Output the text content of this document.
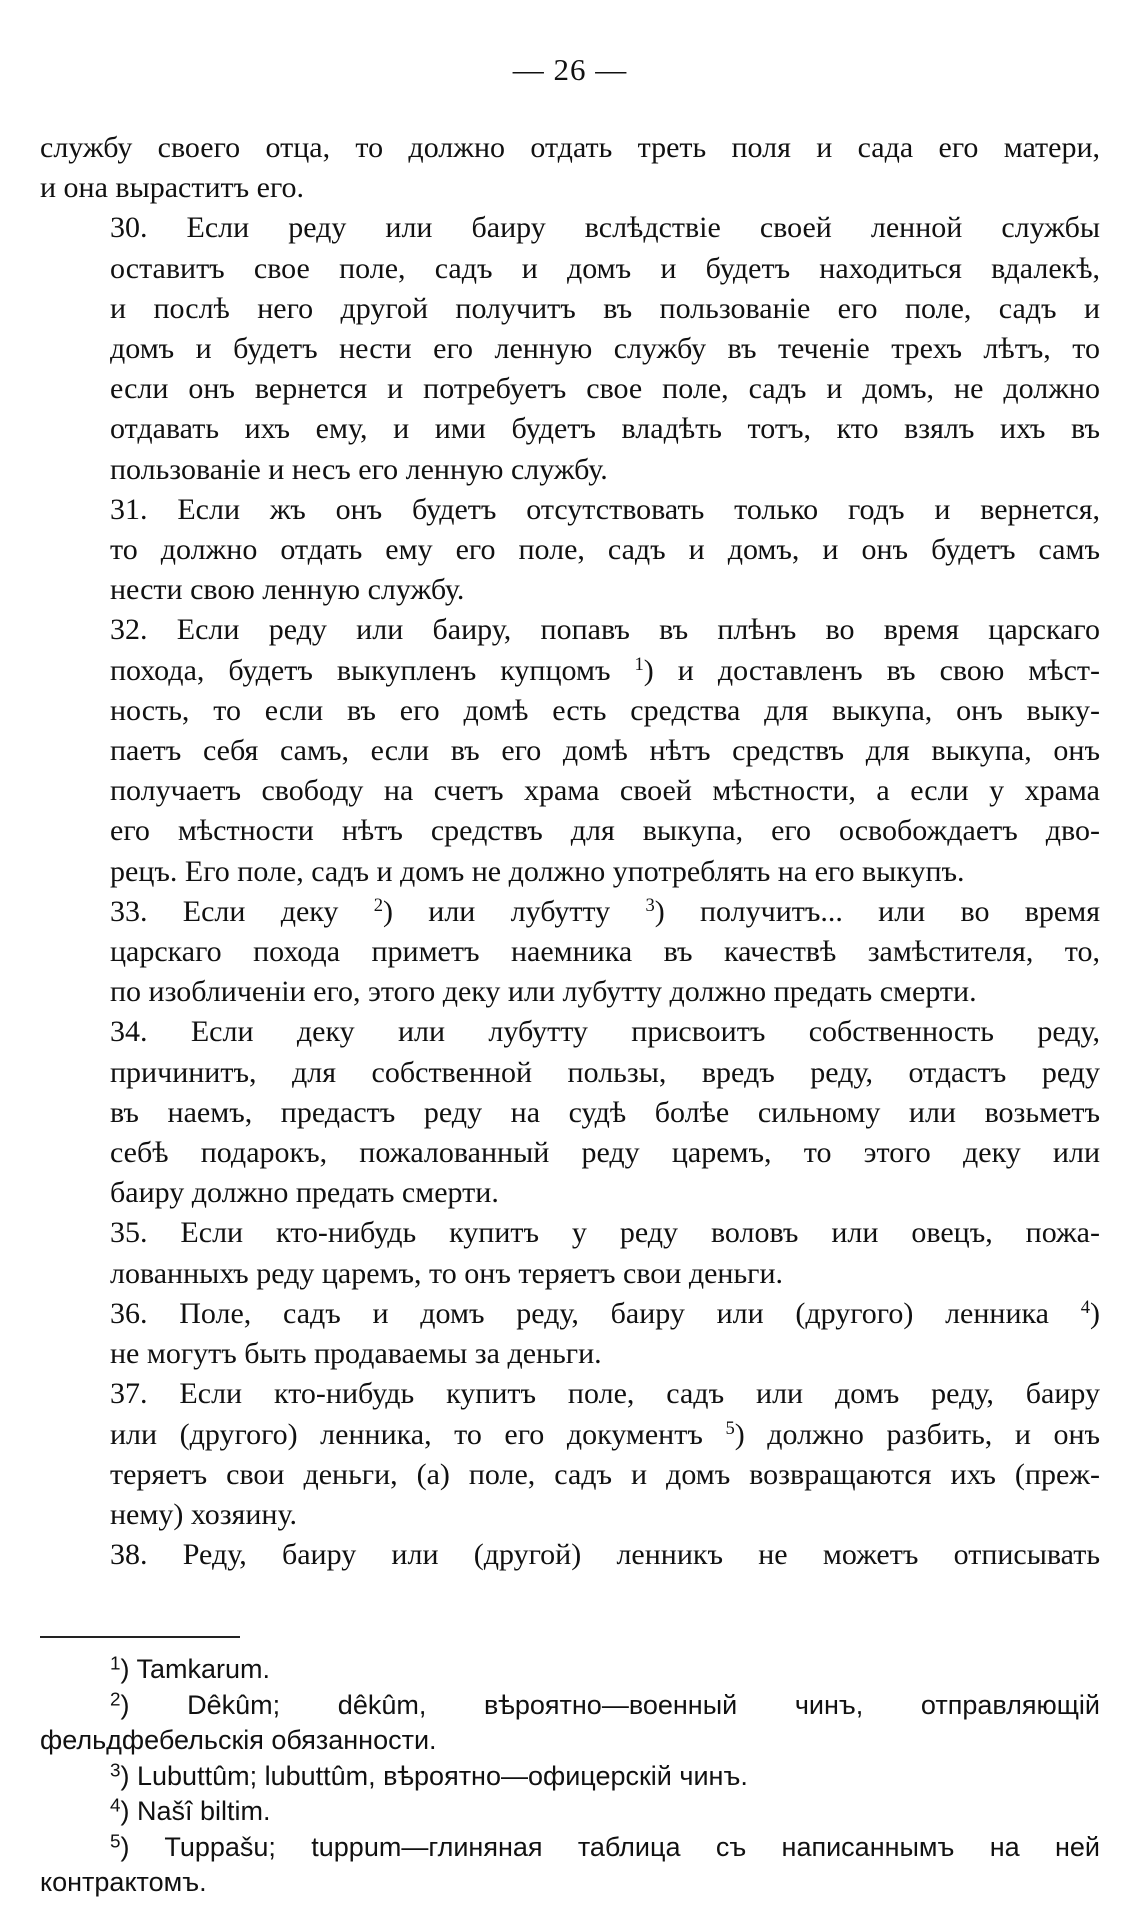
— 26 —

службу своего отца, то должно отдать треть поля и сада его матери,
и она выраститъ его.

30. Если реду или баиру вслѣдствіе своей ленной службы
оставитъ свое поле, садъ и домъ и будетъ находиться вдалекѣ,
и послѣ него другой получитъ въ пользованіе его поле, садъ и
домъ и будетъ нести его ленную службу въ теченіе трехъ лѣтъ, то
если онъ вернется и потребуетъ свое поле, садъ и домъ, не должно
отдавать ихъ ему, и ими будетъ владѣть тотъ, кто взялъ ихъ въ
пользованіе и несъ его ленную службу.

31. Если жъ онъ будетъ отсутствовать только годъ и вернется,
то должно отдать ему его поле, садъ и домъ, и онъ будетъ самъ
нести свою ленную службу.

32. Если реду или баиру, попавъ въ плѣнъ во время царскаго
похода, будетъ выкупленъ купцомъ $^1$) и доставленъ въ свою мѣст-
ность, то если въ его домѣ есть средства для выкупа, онъ выку-
паетъ себя самъ, если въ его домѣ нѣтъ средствъ для выкупа, онъ
получаетъ свободу на счетъ храма своей мѣстности, а если у храма
его мѣстности нѣтъ средствъ для выкупа, его освобождаетъ дво-
рецъ. Его поле, садъ и домъ не должно употреблять на его выкупъ.

33. Если деку $^2$) или лубутту $^3$) получитъ... или во время
царскаго похода приметъ наемника въ качествѣ замѣстителя, то,
по изобличеніи его, этого деку или лубутту должно предать смерти.

34. Если деку или лубутту присвоитъ собственность реду,
причинитъ, для собственной пользы, вредъ реду, отдастъ реду
въ наемъ, предастъ реду на судѣ болѣе сильному или возьметъ
себѣ подарокъ, пожалованный реду царемъ, то этого деку или
баиру должно предать смерти.

35. Если кто-нибудь купитъ у реду воловъ или овецъ, пожа-
лованныхъ реду царемъ, то онъ теряетъ свои деньги.

36. Поле, садъ и домъ реду, баиру или (другого) ленника $^4$)
не могутъ быть продаваемы за деньги.

37. Если кто-нибудь купитъ поле, садъ или домъ реду, баиру
или (другого) ленника, то его документъ $^5$) должно разбить, и онъ
теряетъ свои деньги, (а) поле, садъ и домъ возвращаются ихъ (преж-
нему) хозяину.

38. Реду, баиру или (другой) ленникъ не можетъ отписывать

$^1$) Tamkarum.

$^2$) Dêkûm; dêkûm, вѣроятно—военный чинъ, отправляющій
фельдфебельскія обязанности.

$^3$) Lubuttûm; lubuttûm, вѣроятно—офицерскій чинъ.

$^4$) Našî biltim.

$^5$) Tuppašu; tuppum—глиняная таблица съ написаннымъ на ней
контрактомъ.
